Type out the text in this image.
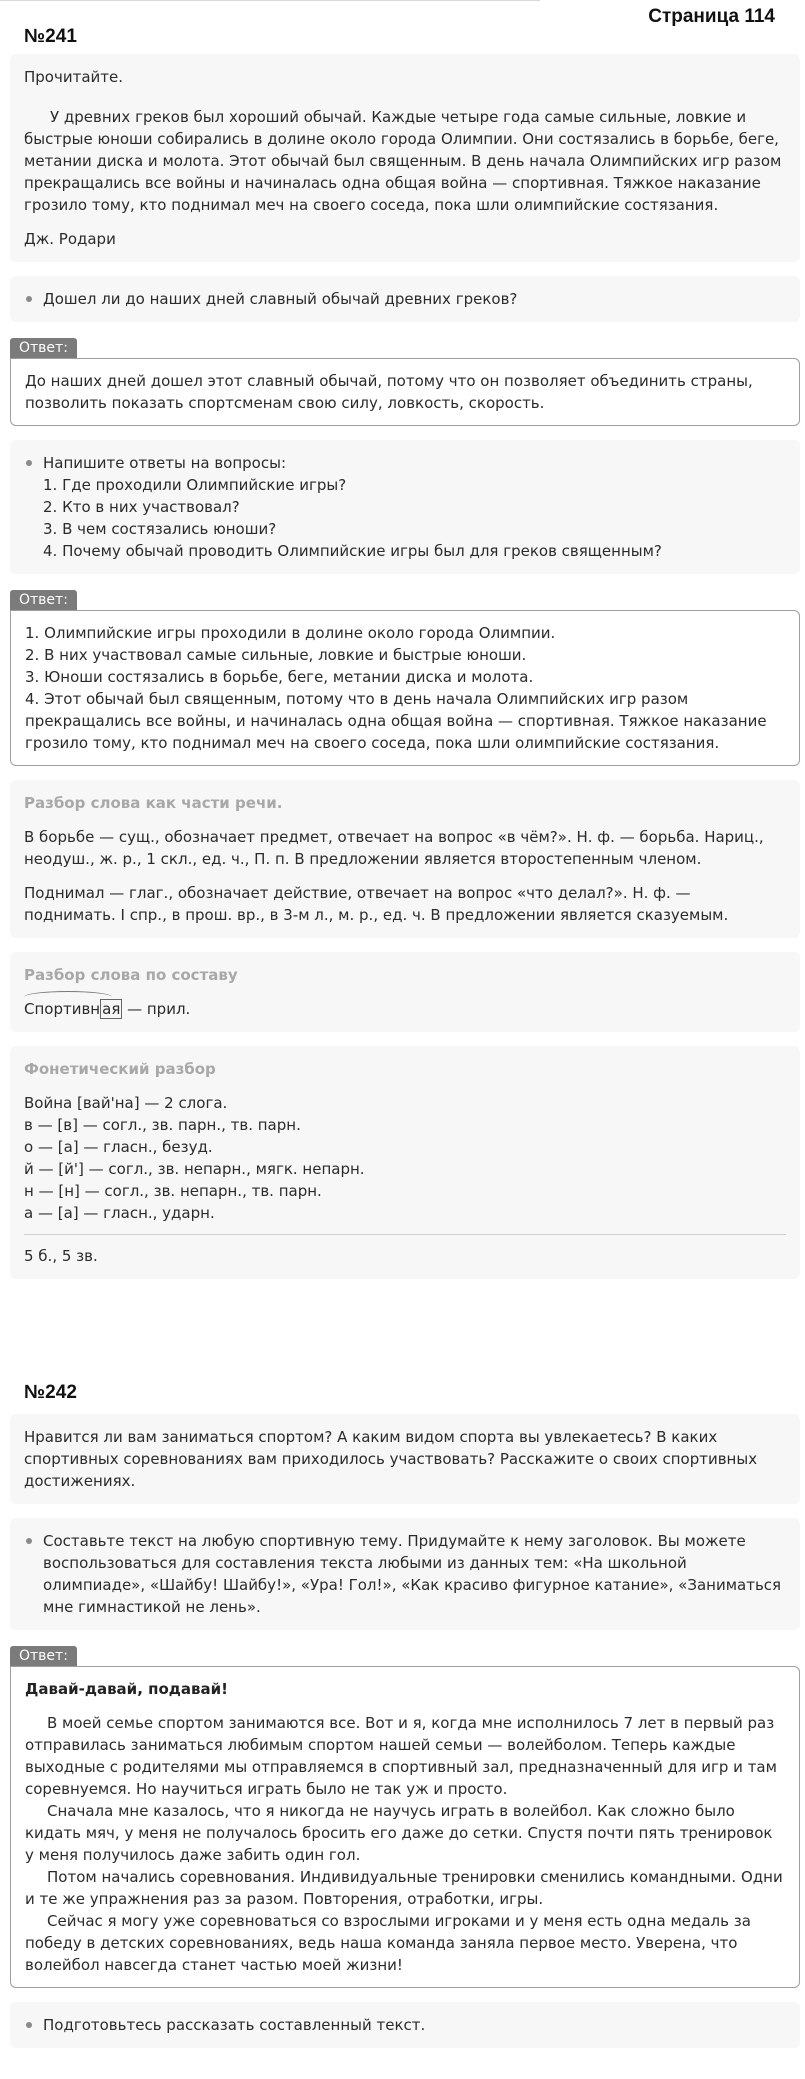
Страница 114
№241

Прочитайте.

У древних греков был хороший обычай. Каждые четыре года самые сильные, ловкие и быстрые юноши собирались в долине около города Олимпии. Они состязались в борьбе, беге, метании диска и молота. Этот обычай был священным. В день начала Олимпийских игр разом прекращались все войны и начиналась одна общая война — спортивная. Тяжкое наказание грозило тому, кто поднимал меч на своего соседа, пока шли олимпийские состязания.

Дж. Родари

Дошел ли до наших дней славный обычай древних греков?
Ответ:

До наших дней дошел этот славный обычай, потому что он позволяет объединить страны, позволить показать спортсменам свою силу, ловкость, скорость.

Напишите ответы на вопросы:
1. Где проходили Олимпийские игры?
2. Кто в них участвовал?
3. В чем состязались юноши?
4. Почему обычай проводить Олимпийские игры был для греков священным?
Ответ:
1. Олимпийские игры проходили в долине около города Олимпии.
2. В них участвовал самые сильные, ловкие и быстрые юноши.
3. Юноши состязались в борьбе, беге, метании диска и молота.
4. Этот обычай был священным, потому что в день начала Олимпийских игр разом прекращались все войны, и начиналась одна общая война — спортивная. Тяжкое наказание грозило тому, кто поднимал меч на своего соседа, пока шли олимпийские состязания.
Разбор слова как части речи.

В борьбе — сущ., обозначает предмет, отвечает на вопрос «в чём?». Н. ф. — борьба. Нариц., неодуш., ж. р., 1 скл., ед. ч., П. п. В предложении является второстепенным членом.

Поднимал — глаг., обозначает действие, отвечает на вопрос «что делал?». Н. ф. — поднимать. I спр., в прош. вр., в 3-м л., м. р., ед. ч. В предложении является сказуемым.

Разбор слова по составу
Спортивн ая — прил.
Фонетический разбор
Война [вай'на] — 2 слога.
в — [в] — согл., зв. парн., тв. парн.
о — [а] — гласн., безуд.
й — [й'] — согл., зв. непарн., мягк. непарн.
н — [н] — согл., зв. непарн., тв. парн.
а — [а] — гласн., ударн.
5 б., 5 зв.
№242

Нравится ли вам заниматься спортом? А каким видом спорта вы увлекаетесь? В каких спортивных соревнованиях вам приходилось участвовать? Расскажите о своих спортивных достижениях.

Составьте текст на любую спортивную тему. Придумайте к нему заголовок. Вы можете воспользоваться для составления текста любыми из данных тем: «На школьной олимпиаде», «Шайбу! Шайбу!», «Ура! Гол!», «Как красиво фигурное катание», «Заниматься мне гимнастикой не лень».
Ответ:
Давай-давай, подавай!

В моей семье спортом занимаются все. Вот и я, когда мне исполнилось 7 лет в первый раз отправилась заниматься любимым спортом нашей семьи — волейболом. Теперь каждые выходные с родителями мы отправляемся в спортивный зал, предназначенный для игр и там соревнуемся. Но научиться играть было не так уж и просто.

Сначала мне казалось, что я никогда не научусь играть в волейбол. Как сложно было кидать мяч, у меня не получалось бросить его даже до сетки. Спустя почти пять тренировок у меня получилось даже забить один гол.

Потом начались соревнования. Индивидуальные тренировки сменились командными. Одни и те же упражнения раз за разом. Повторения, отработки, игры.

Сейчас я могу уже соревноваться со взрослыми игроками и у меня есть одна медаль за победу в детских соревнованиях, ведь наша команда заняла первое место. Уверена, что волейбол навсегда станет частью моей жизни!

Подготовьтесь рассказать составленный текст.
